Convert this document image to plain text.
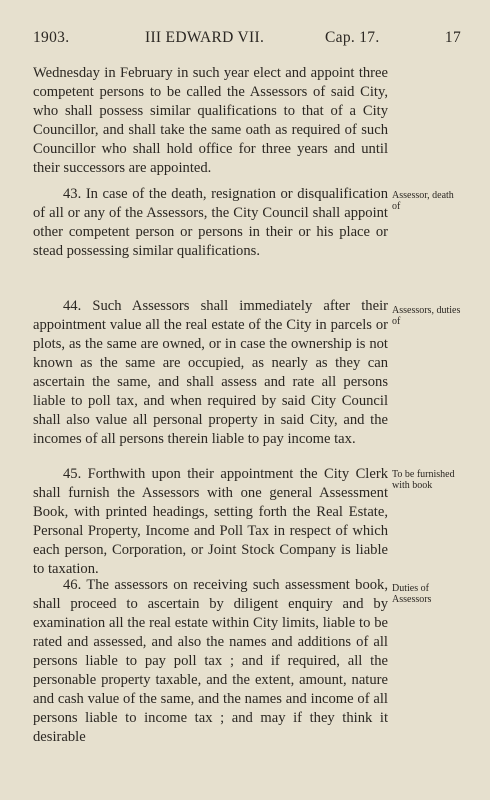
1903.	III EDWARD VII.	Cap. 17.	17

Wednesday in February in such year elect and appoint three competent persons to be called the Assessors of said City, who shall possess similar qualifications to that of a City Councillor, and shall take the same oath as required of such Councillor who shall hold office for three years and until their successors are appointed.

43. In case of the death, resignation or disqualification of all or any of the Assessors, the City Council shall appoint other competent person or persons in their or his place or stead possessing similar qualifications.

Assessor, death of

44. Such Assessors shall immediately after their appointment value all the real estate of the City in parcels or plots, as the same are owned, or in case the ownership is not known as the same are occupied, as nearly as they can ascertain the same, and shall assess and rate all persons liable to poll tax, and when required by said City Council shall also value all personal property in said City, and the incomes of all persons therein liable to pay income tax.

Assessors, duties of

45. Forthwith upon their appointment the City Clerk shall furnish the Assessors with one general Assessment Book, with printed headings, setting forth the Real Estate, Personal Property, Income and Poll Tax in respect of which each person, Corporation, or Joint Stock Company is liable to taxation.

To be furnished with book

46. The assessors on receiving such assessment book, shall proceed to ascertain by diligent enquiry and by examination all the real estate within City limits, liable to be rated and assessed, and also the names and additions of all persons liable to pay poll tax ; and if required, all the personable property taxable, and the extent, amount, nature and cash value of the same, and the names and income of all persons liable to income tax ; and may if they think it desirable

Duties of Assessors
